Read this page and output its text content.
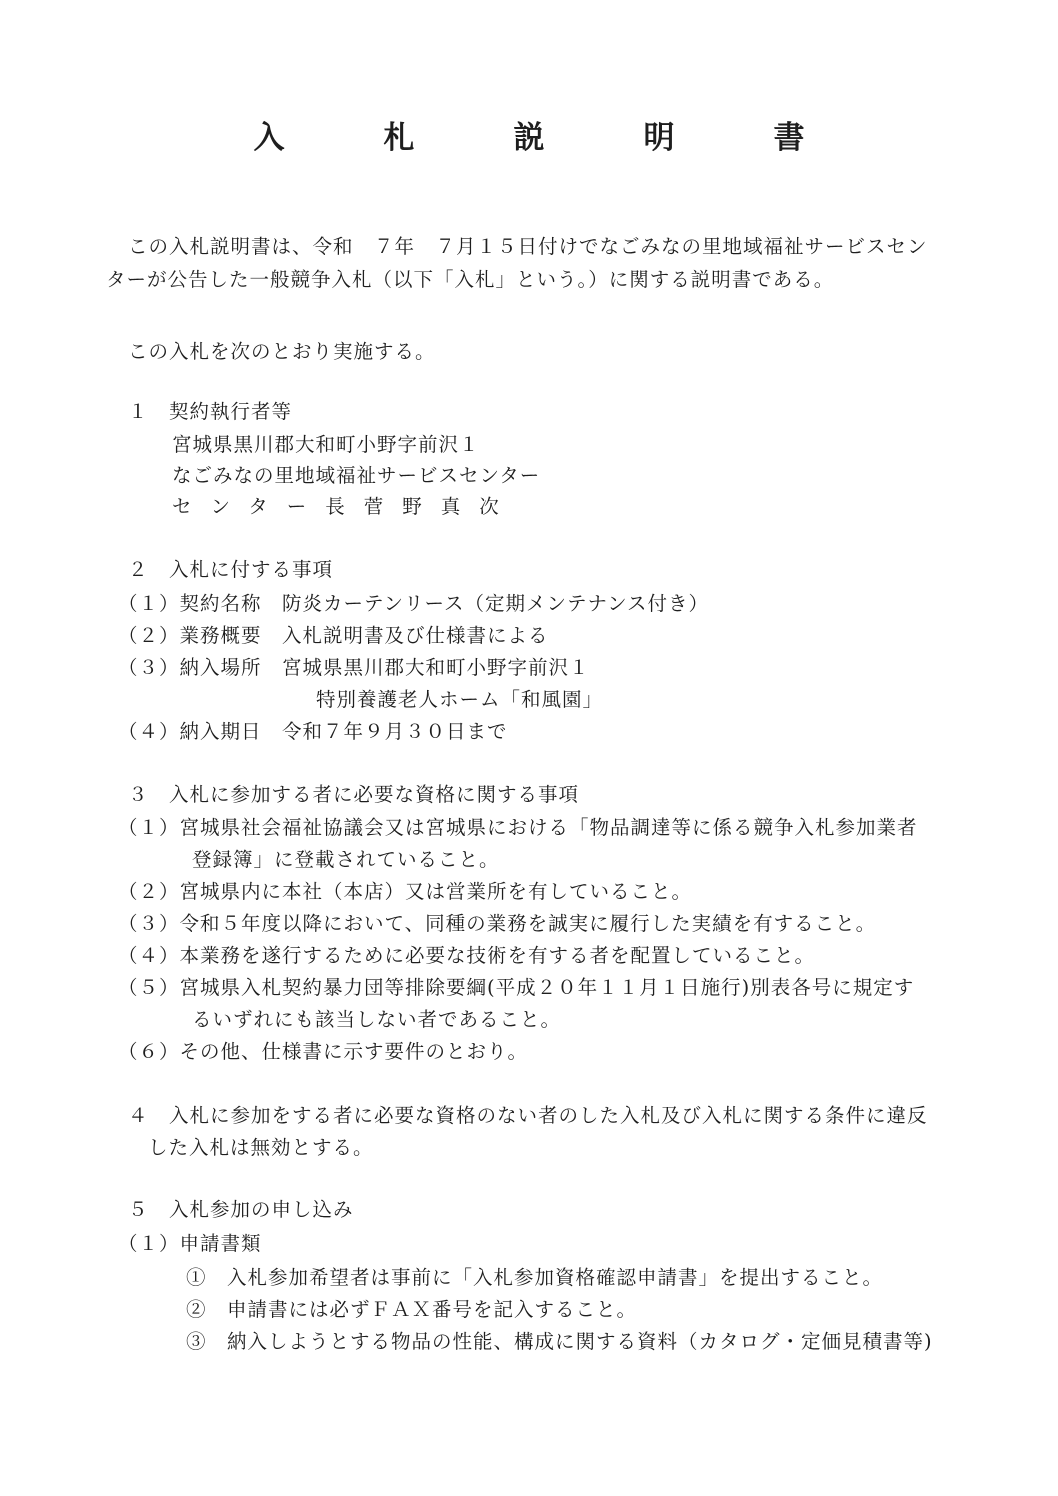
入　札　説　明　書
この入札説明書は、令和　７年　７月１５日付けでなごみなの里地域福祉サービスセン
ターが公告した一般競争入札（以下「入札」という。）に関する説明書である。
この入札を次のとおり実施する。
１　契約執行者等
宮城県黒川郡大和町小野字前沢１
なごみなの里地域福祉サービスセンター
センター長菅野真次
２　入札に付する事項
（１）契約名称　防炎カーテンリース（定期メンテナンス付き）
（２）業務概要　入札説明書及び仕様書による
（３）納入場所　宮城県黒川郡大和町小野字前沢１
特別養護老人ホーム「和風園」
（４）納入期日　令和７年９月３０日まで
３　入札に参加する者に必要な資格に関する事項
（１）宮城県社会福祉協議会又は宮城県における「物品調達等に係る競争入札参加業者
登録簿」に登載されていること。
（２）宮城県内に本社（本店）又は営業所を有していること。
（３）令和５年度以降において、同種の業務を誠実に履行した実績を有すること。
（４）本業務を遂行するために必要な技術を有する者を配置していること。
（５）宮城県入札契約暴力団等排除要綱(平成２０年１１月１日施行)別表各号に規定す
るいずれにも該当しない者であること。
（６）その他、仕様書に示す要件のとおり。
４　入札に参加をする者に必要な資格のない者のした入札及び入札に関する条件に違反
した入札は無効とする。
５　入札参加の申し込み
（１）申請書類
①　入札参加希望者は事前に「入札参加資格確認申請書」を提出すること。
②　申請書には必ずＦＡＸ番号を記入すること。
③　納入しようとする物品の性能、構成に関する資料（カタログ・定価見積書等)
